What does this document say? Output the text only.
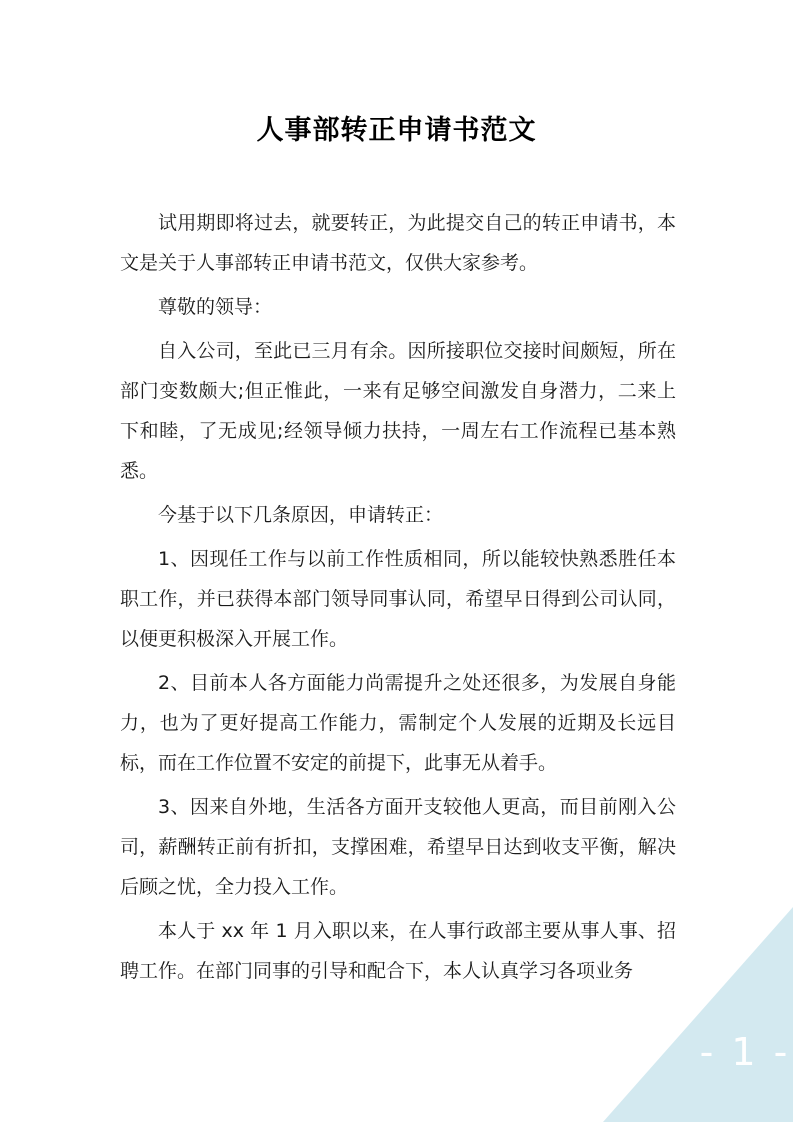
人事部转正申请书范文

试用期即将过去，就要转正，为此提交自己的转正申请书，本文是关于人事部转正申请书范文，仅供大家参考。

尊敬的领导：

自入公司，至此已三月有余。因所接职位交接时间颇短，所在部门变数颇大;但正惟此，一来有足够空间激发自身潜力，二来上下和睦，了无成见;经领导倾力扶持，一周左右工作流程已基本熟悉。

今基于以下几条原因，申请转正：

1、因现任工作与以前工作性质相同，所以能较快熟悉胜任本职工作，并已获得本部门领导同事认同，希望早日得到公司认同，以便更积极深入开展工作。

2、目前本人各方面能力尚需提升之处还很多，为发展自身能力，也为了更好提高工作能力，需制定个人发展的近期及长远目标，而在工作位置不安定的前提下，此事无从着手。

3、因来自外地，生活各方面开支较他人更高，而目前刚入公司，薪酬转正前有折扣，支撑困难，希望早日达到收支平衡，解决后顾之忧，全力投入工作。

本人于 xx 年 1 月入职以来，在人事行政部主要从事人事、招聘工作。在部门同事的引导和配合下，本人认真学习各项业务

- 1 -
